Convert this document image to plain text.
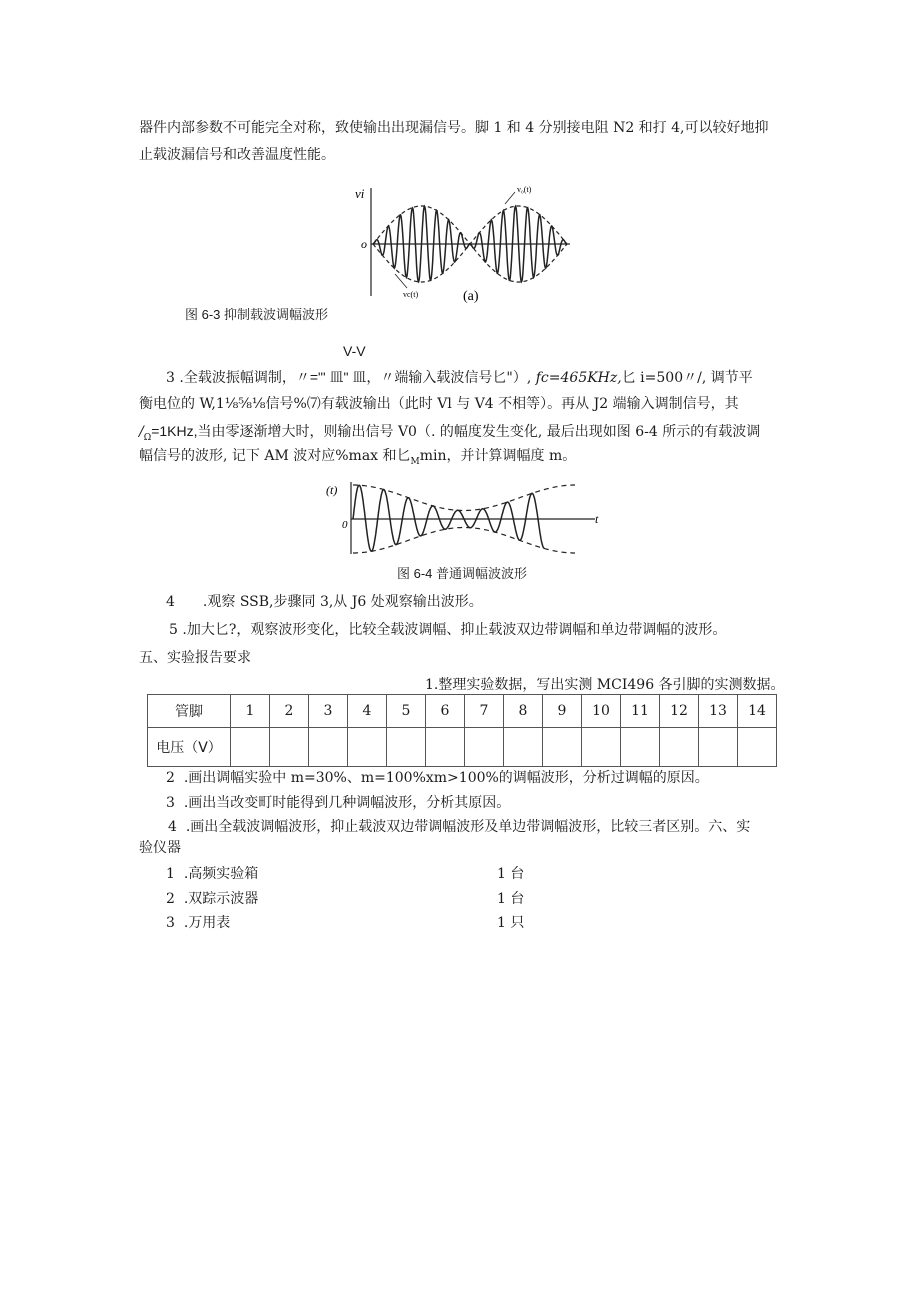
器件内部参数不可能完全对称，致使输出出现漏信号。脚 1 和 4 分别接电阻 N2 和打 4,可以较好地抑
止载波漏信号和改善温度性能。
vi	v₀(t)
o
vc(t)	(a)
图 6-3 抑制载波调幅波形
V-V
3 .全载波振幅调制，〃="' 皿" 皿，〃端输入载波信号匕"）, fc=465KHz,匕 i=500〃/, 调节平
衡电位的 W,1⅛⅝⅛信号%⑺有载波输出（此时 Vl 与 V4 不相等）。再从 J2 端输入调制信号，其
$/_\Omega=1KHz$,当由零逐渐增大时，则输出信号 V0（. 的幅度发生变化, 最后出现如图 6-4 所示的有载波调
幅信号的波形, 记下 AM 波对应%max 和匕$_M$min，并计算调幅度 m。
(t)
0	t
图 6-4 普通调幅波波形
4 .观察 SSB,步骤同 3,从 J6 处观察输出波形。
5 .加大匕?，观察波形变化，比较全载波调幅、抑止载波双边带调幅和单边带调幅的波形。
五、实验报告要求
1.整理实验数据，写出实测 MCI496 各引脚的实测数据。
管脚	1	2	3	4	5	6	7	8	9	10	11	12	13	14
电压（V）														
2 .画出调幅实验中 m=30%、m=100%xm>100%的调幅波形，分析过调幅的原因。
3 .画出当改变町时能得到几种调幅波形，分析其原因。
4 .画出全载波调幅波形，抑止载波双边带调幅波形及单边带调幅波形，比较三者区别。六、实
验仪器
1 .高频实验箱	1 台
2 .双踪示波器	1 台
3 .万用表	1 只
